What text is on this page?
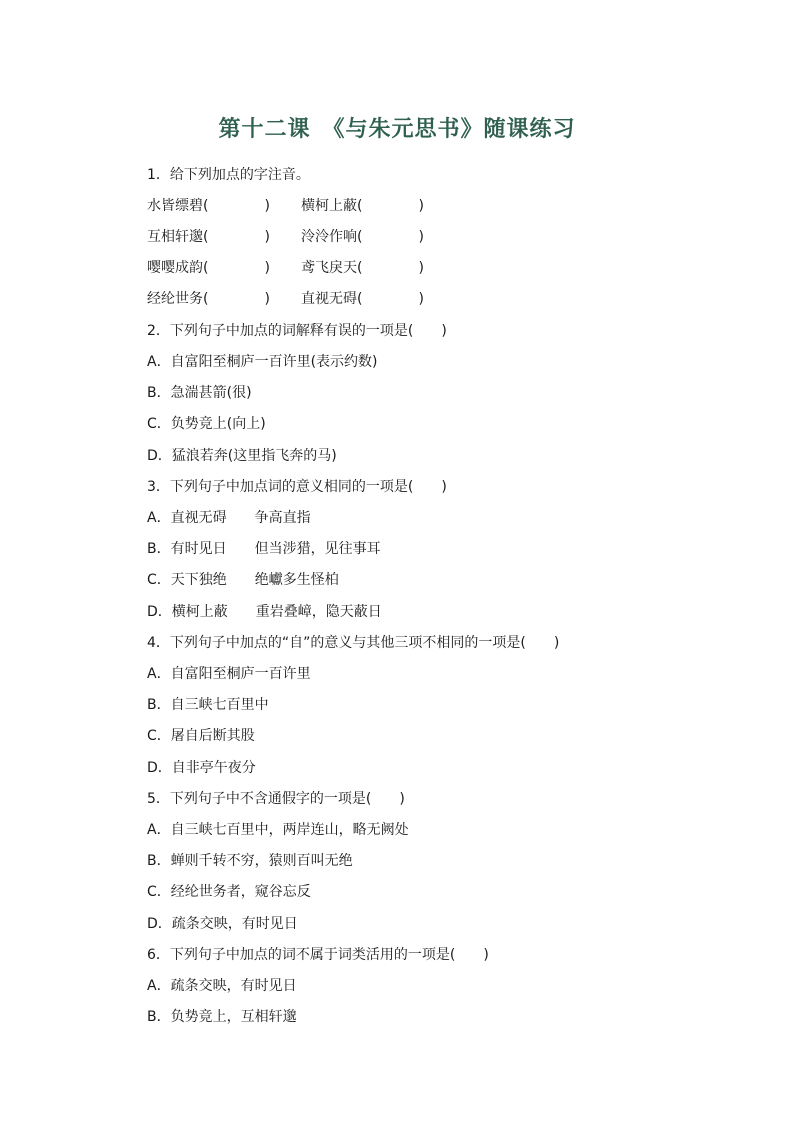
第十二课　《与朱元思书》随课练习
1．给下列加点的字注音。
水皆缥碧(	) 横柯上蔽(	)
互相轩邈(	) 泠泠作响(	)
嘤嘤成韵(	) 鸢飞戾天(	)
经纶世务(	) 直视无碍(	)
2．下列句子中加点的词解释有误的一项是(　　)
A．自富阳至桐庐一百许里(表示约数)
B．急湍甚箭(很)
C．负势竞上(向上)
D．猛浪若奔(这里指飞奔的马)
3．下列句子中加点词的意义相同的一项是(　　)
A．直视无碍　　争高直指
B．有时见日　　但当涉猎，见往事耳
C．天下独绝　　绝巘多生怪柏
D．横柯上蔽　　重岩叠嶂，隐天蔽日
4．下列句子中加点的“自”的意义与其他三项不相同的一项是(　　)
A．自富阳至桐庐一百许里
B．自三峡七百里中
C．屠自后断其股
D．自非亭午夜分
5．下列句子中不含通假字的一项是(　　)
A．自三峡七百里中，两岸连山，略无阙处
B．蝉则千转不穷，猿则百叫无绝
C．经纶世务者，窥谷忘反
D．疏条交映，有时见日
6．下列句子中加点的词不属于词类活用的一项是(　　)
A．疏条交映，有时见日
B．负势竞上，互相轩邈
